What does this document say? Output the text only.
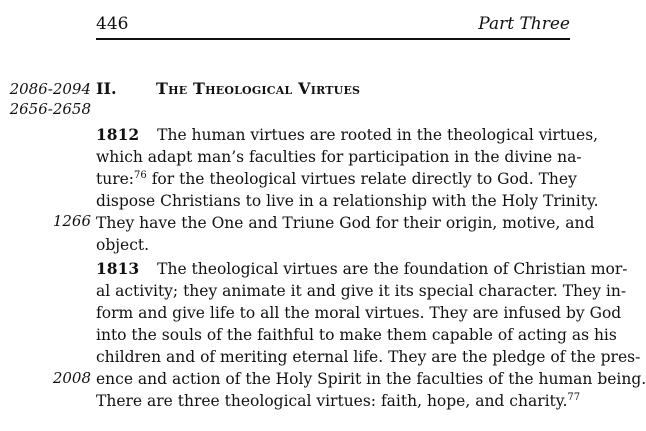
446	Part Three
2086-2094
2656-2658
II. The Theological Virtues
1812 The human virtues are rooted in the theological virtues,
which adapt man’s faculties for participation in the divine na-
ture:$^{76}$ for the theological virtues relate directly to God. They
dispose Christians to live in a relationship with the Holy Trinity.
They have the One and Triune God for their origin, motive, and
object.
1266
1813 The theological virtues are the foundation of Christian mor-
al activity; they animate it and give it its special character. They in-
form and give life to all the moral virtues. They are infused by God
into the souls of the faithful to make them capable of acting as his
children and of meriting eternal life. They are the pledge of the pres-
ence and action of the Holy Spirit in the faculties of the human being.
There are three theological virtues: faith, hope, and charity.$^{77}$
2008
